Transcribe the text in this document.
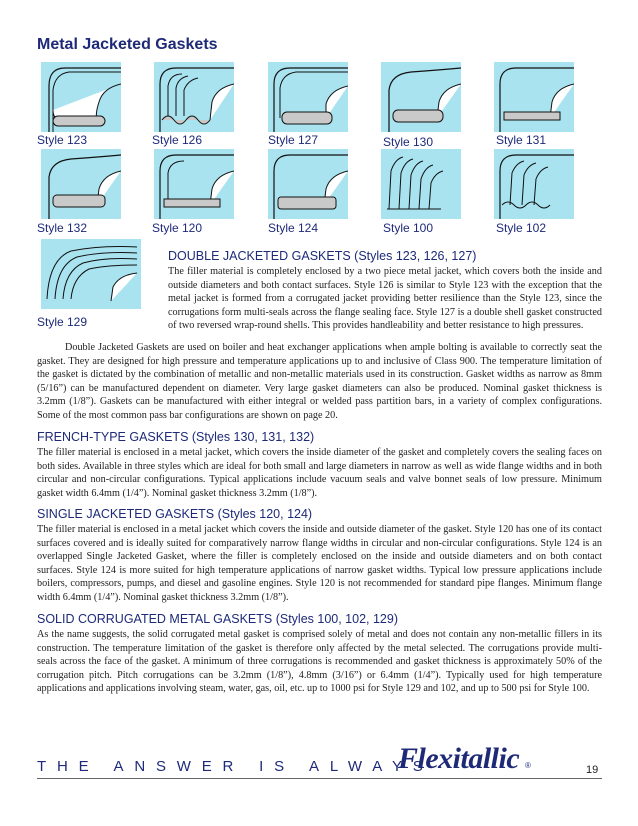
Metal Jacketed Gaskets
Style 123	Style 126	Style 127	Style 130	Style 131
Style 132	Style 120	Style 124	Style 100	Style 102
Style 129
DOUBLE JACKETED GASKETS (Styles 123, 126, 127)
The filler material is completely enclosed by a two piece metal jacket, which covers both the inside and outside diameters and both contact surfaces. Style 126 is similar to Style 123 with the exception that the metal jacket is formed from a corrugated jacket providing better resilience than the Style 123, since the corrugations form multi-seals across the flange sealing face. Style 127 is a double shell gasket constructed of two reversed wrap-round shells. This provides handleability and better resistance to high pressures.
Double Jacketed Gaskets are used on boiler and heat exchanger applications when ample bolting is available to correctly seat the gasket. They are designed for high pressure and temperature applications up to and inclusive of Class 900. The temperature limitation of the gasket is dictated by the combination of metallic and non-metallic materials used in its construction. Gasket widths as narrow as 8mm (5/16”) can be manufactured dependent on diameter. Very large gasket diameters can also be produced. Nominal gasket thickness is 3.2mm (1/8”). Gaskets can be manufactured with either integral or welded pass partition bars, in a variety of complex configurations. Some of the most common pass bar configurations are shown on page 20.
FRENCH-TYPE GASKETS (Styles 130, 131, 132)
The filler material is enclosed in a metal jacket, which covers the inside diameter of the gasket and completely covers the sealing faces on both sides. Available in three styles which are ideal for both small and large diameters in narrow as well as wide flange widths and in both circular and non-circular configurations. Typical applications include vacuum seals and valve bonnet seals of low pressure. Minimum gasket width 6.4mm (1/4”). Nominal gasket thickness 3.2mm (1/8”).
SINGLE JACKETED GASKETS (Styles 120, 124)
The filler material is enclosed in a metal jacket which covers the inside and outside diameter of the gasket. Style 120 has one of its contact surfaces covered and is ideally suited for comparatively narrow flange widths in circular and non-circular configurations. Style 124 is an overlapped Single Jacketed Gasket, where the filler is completely enclosed on the inside and outside diameters and on both contact surfaces. Style 124 is more suited for high temperature applications of narrow gasket widths. Typical low pressure applications include boilers, compressors, pumps, and diesel and gasoline engines. Style 120 is not recommended for standard pipe flanges. Minimum flange width 6.4mm (1/4”). Nominal gasket thickness 3.2mm (1/8”).
SOLID CORRUGATED METAL GASKETS (Styles 100, 102, 129)
As the name suggests, the solid corrugated metal gasket is comprised solely of metal and does not contain any non-metallic fillers in its construction. The temperature limitation of the gasket is therefore only affected by the metal selected. The corrugations provide multi-seals across the face of the gasket. A minimum of three corrugations is recommended and gasket thickness is approximately 50% of the corrugation pitch. Pitch corrugations can be 3.2mm (1/8”), 4.8mm (3/16”) or 6.4mm (1/4”). Typically used for high temperature applications and applications involving steam, water, gas, oil, etc. up to 1000 psi for Style 129 and 102, and up to 500 psi for Style 100.
THE ANSWER IS ALWAYS
Flexitallic ®	19
